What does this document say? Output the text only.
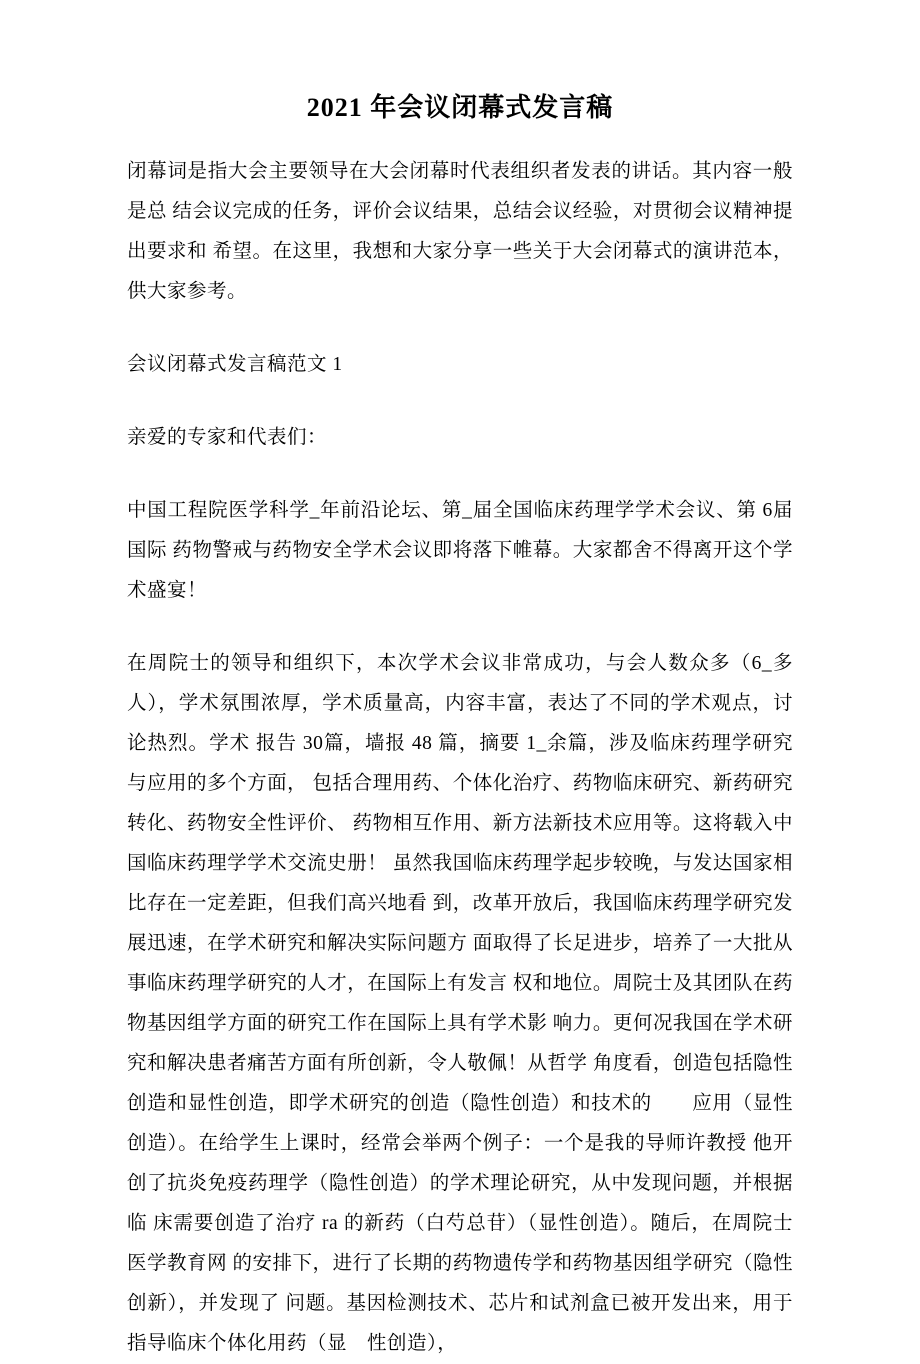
2021 年会议闭幕式发言稿

闭幕词是指大会主要领导在大会闭幕时代表组织者发表的讲话。其内容一般是总 结会议完成的任务，评价会议结果，总结会议经验，对贯彻会议精神提出要求和 希望。在这里，我想和大家分享一些关于大会闭幕式的演讲范本，供大家参考。

会议闭幕式发言稿范文 1

亲爱的专家和代表们：

中国工程院医学科学_年前沿论坛、第_届全国临床药理学学术会议、第 6届国际 药物警戒与药物安全学术会议即将落下帷幕。大家都舍不得离开这个学术盛宴！

在周院士的领导和组织下，本次学术会议非常成功，与会人数众多（6_多人），学术氛围浓厚，学术质量高，内容丰富，表达了不同的学术观点，讨论热烈。学术 报告 30篇，墙报 48 篇，摘要 1_余篇，涉及临床药理学研究与应用的多个方面， 包括合理用药、个体化治疗、药物临床研究、新药研究转化、药物安全性评价、 药物相互作用、新方法新技术应用等。这将载入中国临床药理学学术交流史册！ 虽然我国临床药理学起步较晚，与发达国家相比存在一定差距，但我们高兴地看 到，改革开放后，我国临床药理学研究发展迅速，在学术研究和解决实际问题方 面取得了长足进步，培养了一大批从事临床药理学研究的人才，在国际上有发言 权和地位。周院士及其团队在药物基因组学方面的研究工作在国际上具有学术影 响力。更何况我国在学术研究和解决患者痛苦方面有所创新，令人敬佩！从哲学 角度看，创造包括隐性创造和显性创造，即学术研究的创造（隐性创造）和技术的　　应用（显性创造）。在给学生上课时，经常会举两个例子：一个是我的导师许教授 他开创了抗炎免疫药理学（隐性创造）的学术理论研究，从中发现问题，并根据临 床需要创造了治疗 ra 的新药（白芍总苷）（显性创造）。随后，在周院士医学教育网 的安排下，进行了长期的药物遗传学和药物基因组学研究（隐性创新），并发现了 问题。基因检测技术、芯片和试剂盒已被开发出来，用于指导临床个体化用药（显　性创造），
